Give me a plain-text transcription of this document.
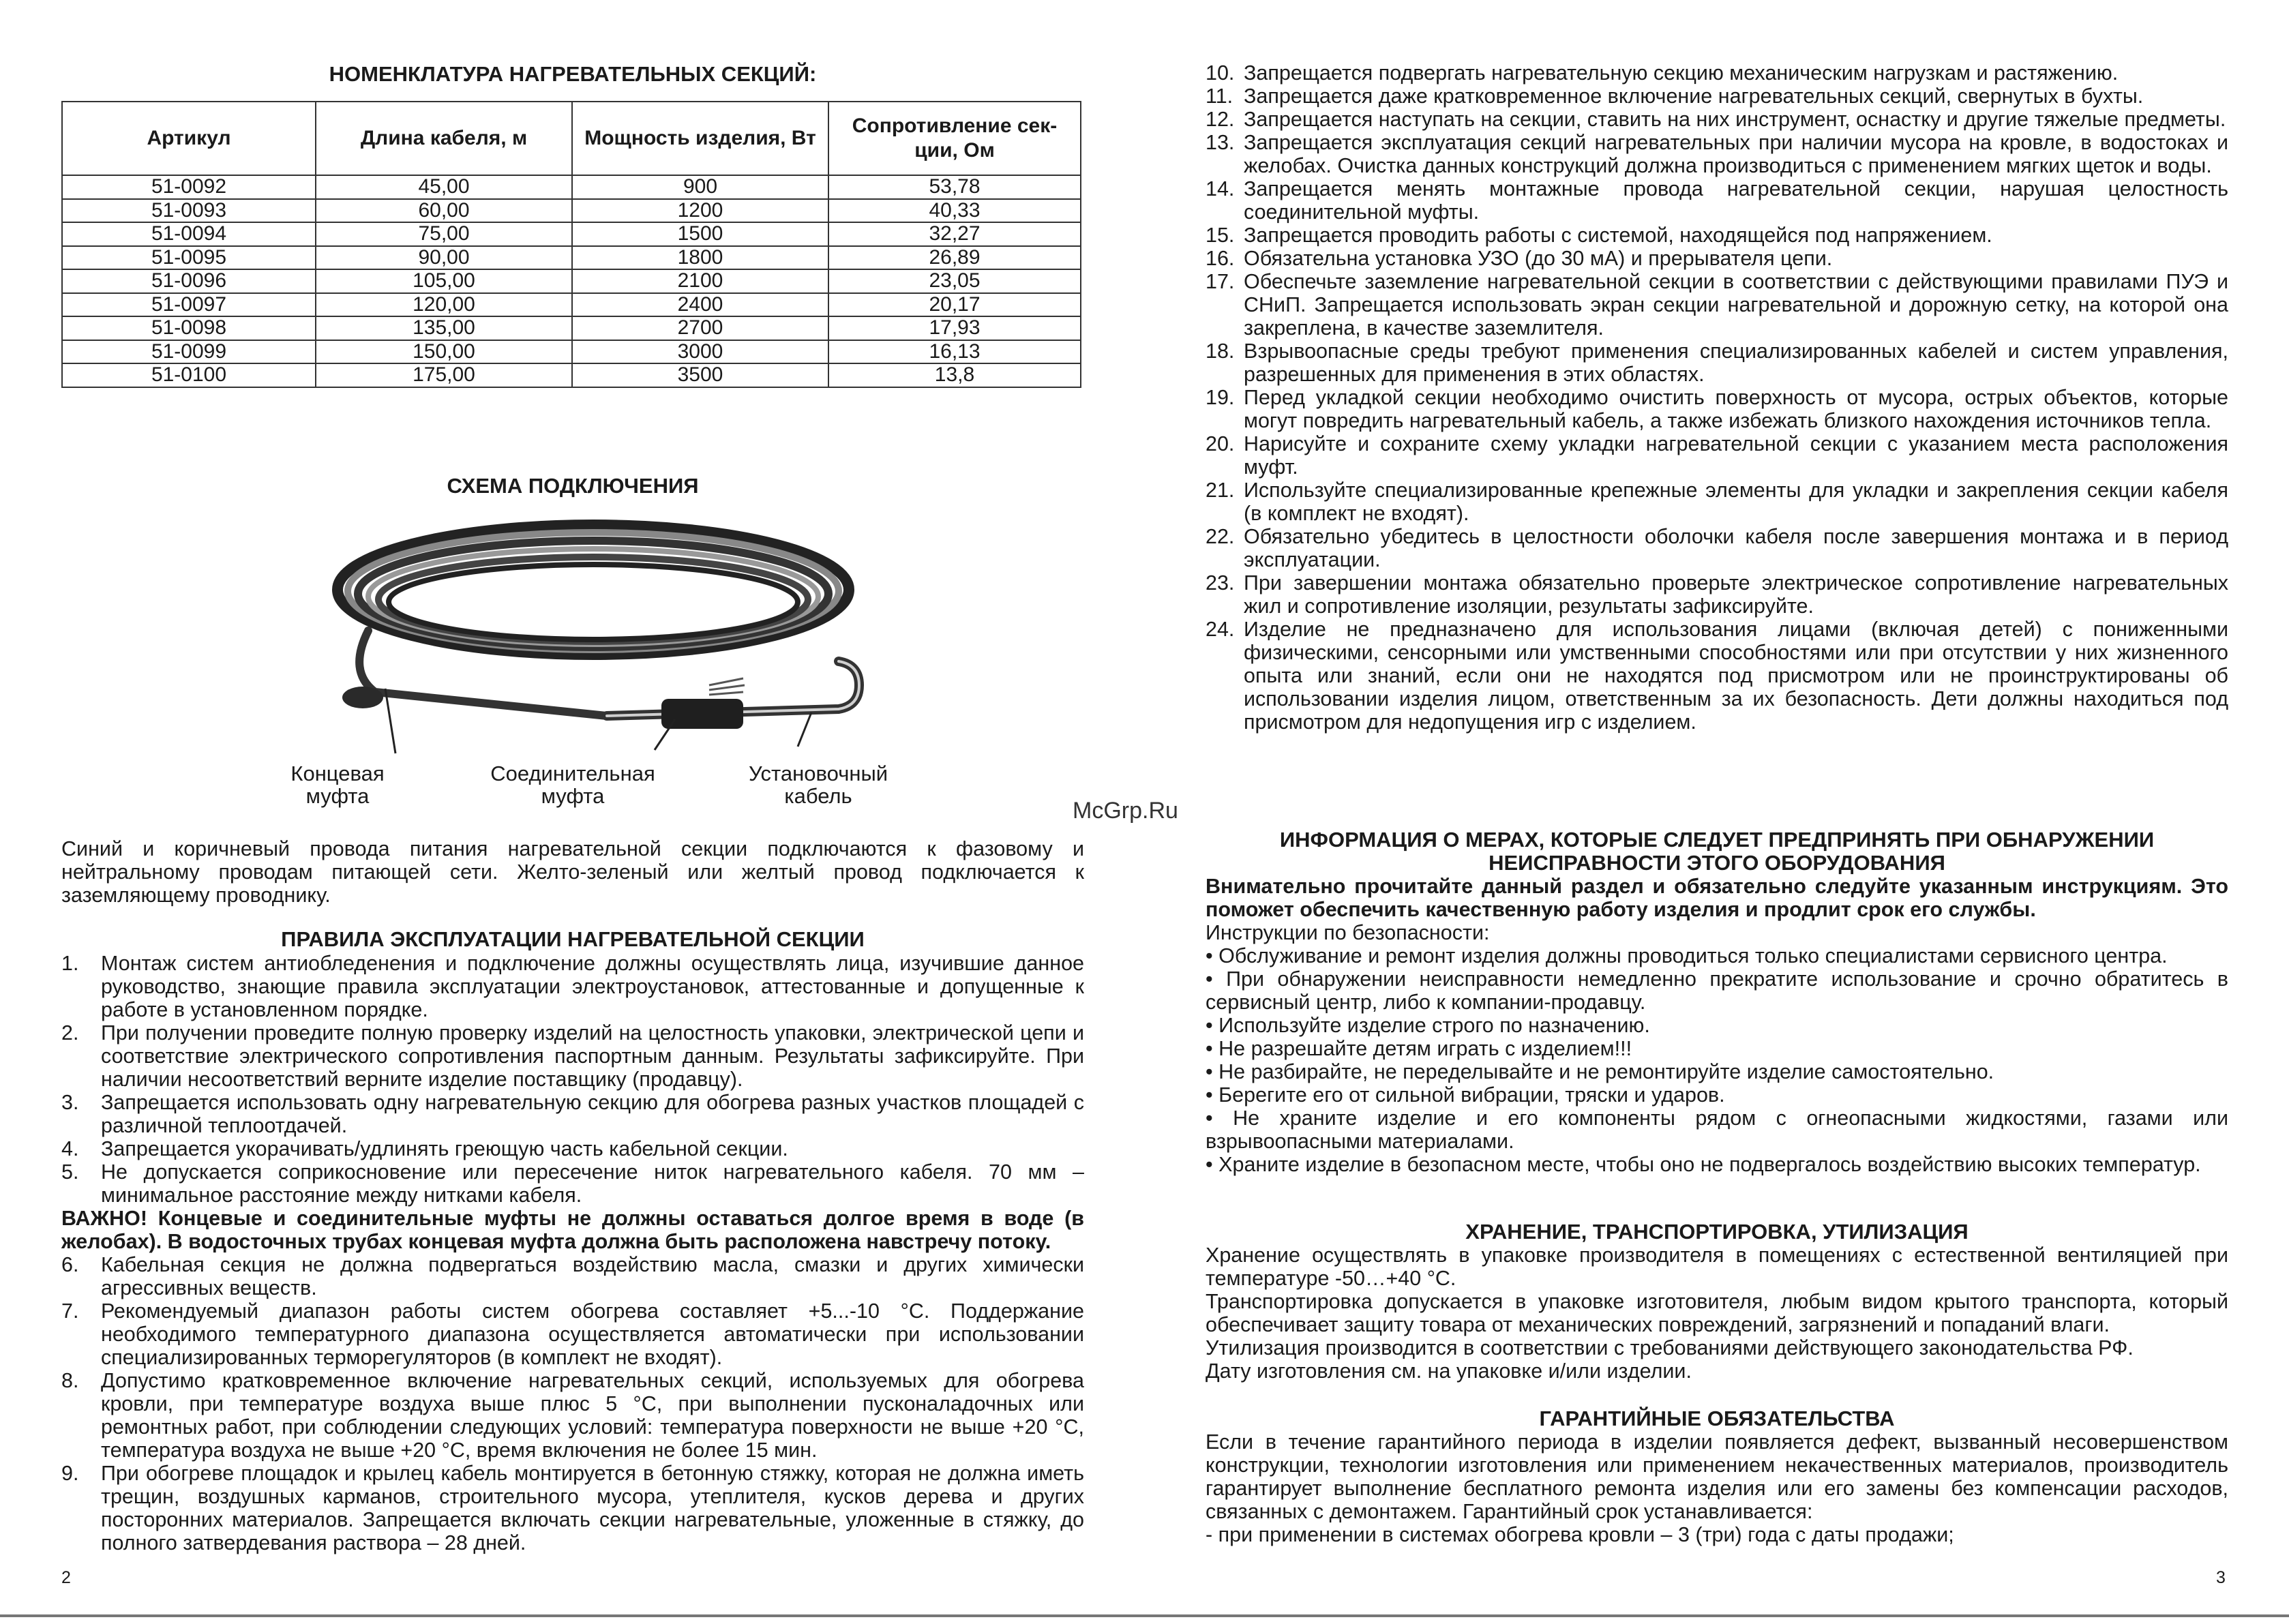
НОМЕНКЛАТУРА НАГРЕВАТЕЛЬНЫХ СЕКЦИЙ:
Артикул	Длина кабеля, м	Мощность изделия, Вт	Сопротивление сек-
ции, Ом
51-0092	45,00	900	53,78
51-0093	60,00	1200	40,33
51-0094	75,00	1500	32,27
51-0095	90,00	1800	26,89
51-0096	105,00	2100	23,05
51-0097	120,00	2400	20,17
51-0098	135,00	2700	17,93
51-0099	150,00	3000	16,13
51-0100	175,00	3500	13,8
СХЕМА ПОДКЛЮЧЕНИЯ
Концевая
муфта
Соединительная
муфта
Установочный
кабель
Синий и коричневый провода питания нагревательной секции подключаются к фазовому и нейтральному проводам питающей сети. Желто-зеленый или желтый провод подключается к заземляющему проводнику.
ПРАВИЛА ЭКСПЛУАТАЦИИ НАГРЕВАТЕЛЬНОЙ СЕКЦИИ
1. Монтаж систем антиобледенения и подключение должны осуществлять лица, изучившие данное руководство, знающие правила эксплуатации электроустановок, аттестованные и допущенные к работе в установленном порядке.
2. При получении проведите полную проверку изделий на целостность упаковки, электрической цепи и соответствие электрического сопротивления паспортным данным. Результаты зафиксируйте. При наличии несоответствий верните изделие поставщику (продавцу).
3. Запрещается использовать одну нагревательную секцию для обогрева разных участков площадей с различной теплоотдачей.
4. Запрещается укорачивать/удлинять греющую часть кабельной секции.
5. Не допускается соприкосновение или пересечение ниток нагревательного кабеля. 70 мм – минимальное расстояние между нитками кабеля.
ВАЖНО! Концевые и соединительные муфты не должны оставаться долгое время в воде (в желобах). В водосточных трубах концевая муфта должна быть расположена навстречу потоку.
6. Кабельная секция не должна подвергаться воздействию масла, смазки и других химически агрессивных веществ.
7. Рекомендуемый диапазон работы систем обогрева составляет +5...-10 °С. Поддержание необходимого температурного диапазона осуществляется автоматически при использовании специализированных терморегуляторов (в комплект не входят).
8. Допустимо кратковременное включение нагревательных секций, используемых для обогрева кровли, при температуре воздуха выше плюс 5 °С, при выполнении пусконаладочных или ремонтных работ, при соблюдении следующих условий: температура поверхности не выше +20 °С, температура воздуха не выше +20 °С, время включения не более 15 мин.
9. При обогреве площадок и крылец кабель монтируется в бетонную стяжку, которая не должна иметь трещин, воздушных карманов, строительного мусора, утеплителя, кусков дерева и других посторонних материалов. Запрещается включать секции нагревательные, уложенные в стяжку, до полного затвердевания раствора – 28 дней.
2
McGrp.Ru
10. Запрещается подвергать нагревательную секцию механическим нагрузкам и растяжению.
11. Запрещается даже кратковременное включение нагревательных секций, свернутых в бухты.
12. Запрещается наступать на секции, ставить на них инструмент, оснастку и другие тяжелые предметы.
13. Запрещается эксплуатация секций нагревательных при наличии мусора на кровле, в водостоках и желобах. Очистка данных конструкций должна производиться с применением мягких щеток и воды.
14. Запрещается менять монтажные провода нагревательной секции, нарушая целостность соединительной муфты.
15. Запрещается проводить работы с системой, находящейся под напряжением.
16. Обязательна установка УЗО (до 30 мА) и прерывателя цепи.
17. Обеспечьте заземление нагревательной секции в соответствии с действующими правилами ПУЭ и СНиП. Запрещается использовать экран секции нагревательной и дорожную сетку, на которой она закреплена, в качестве заземлителя.
18. Взрывоопасные среды требуют применения специализированных кабелей и систем управления, разрешенных для применения в этих областях.
19. Перед укладкой секции необходимо очистить поверхность от мусора, острых объектов, которые могут повредить нагревательный кабель, а также избежать близкого нахождения источников тепла.
20. Нарисуйте и сохраните схему укладки нагревательной секции с указанием места расположения муфт.
21. Используйте специализированные крепежные элементы для укладки и закрепления секции кабеля (в комплект не входят).
22. Обязательно убедитесь в целостности оболочки кабеля после завершения монтажа и в период эксплуатации.
23. При завершении монтажа обязательно проверьте электрическое сопротивление нагревательных жил и сопротивление изоляции, результаты зафиксируйте.
24. Изделие не предназначено для использования лицами (включая детей) с пониженными физическими, сенсорными или умственными способностями или при отсутствии у них жизненного опыта или знаний, если они не находятся под присмотром или не проинструктированы об использовании изделия лицом, ответственным за их безопасность. Дети должны находиться под присмотром для недопущения игр с изделием.
ИНФОРМАЦИЯ О МЕРАХ, КОТОРЫЕ СЛЕДУЕТ ПРЕДПРИНЯТЬ ПРИ ОБНАРУЖЕНИИ
НЕИСПРАВНОСТИ ЭТОГО ОБОРУДОВАНИЯ
Внимательно прочитайте данный раздел и обязательно следуйте указанным инструкциям. Это поможет обеспечить качественную работу изделия и продлит срок его службы.
Инструкции по безопасности:
• Обслуживание и ремонт изделия должны проводиться только специалистами сервисного центра.
• При обнаружении неисправности немедленно прекратите использование и срочно обратитесь в сервисный центр, либо к компании-продавцу.
• Используйте изделие строго по назначению.
• Не разрешайте детям играть с изделием!!!
• Не разбирайте, не переделывайте и не ремонтируйте изделие самостоятельно.
• Берегите его от сильной вибрации, тряски и ударов.
• Не храните изделие и его компоненты рядом с огнеопасными жидкостями, газами или взрывоопасными материалами.
• Храните изделие в безопасном месте, чтобы оно не подвергалось воздействию высоких температур.
ХРАНЕНИЕ, ТРАНСПОРТИРОВКА, УТИЛИЗАЦИЯ
Хранение осуществлять в упаковке производителя в помещениях с естественной вентиляцией при температуре -50…+40 °С.
Транспортировка допускается в упаковке изготовителя, любым видом крытого транспорта, который обеспечивает защиту товара от механических повреждений, загрязнений и попаданий влаги.
Утилизация производится в соответствии с требованиями действующего законодательства РФ.
Дату изготовления см. на упаковке и/или изделии.
ГАРАНТИЙНЫЕ ОБЯЗАТЕЛЬСТВА
Если в течение гарантийного периода в изделии появляется дефект, вызванный несовершенством конструкции, технологии изготовления или применением некачественных материалов, производитель гарантирует выполнение бесплатного ремонта изделия или его замены без компенсации расходов, связанных с демонтажем. Гарантийный срок устанавливается:
- при применении в системах обогрева кровли – 3 (три) года с даты продажи;
3
